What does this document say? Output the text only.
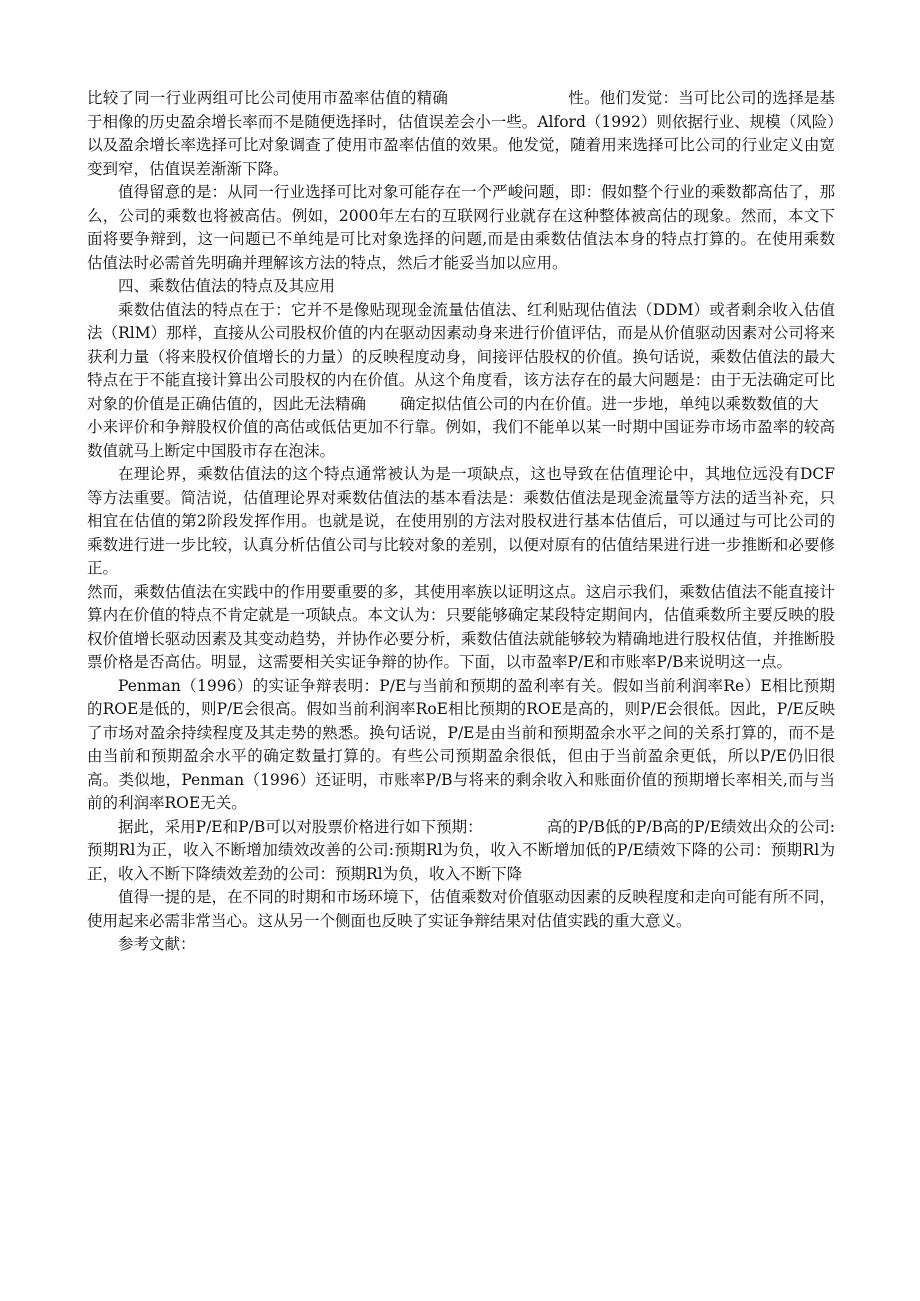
比较了同一行业两组可比公司使用市盈率估值的精确	性。他们发觉：当可比公司的选择是基于相像的历史盈余增长率而不是随便选择时，估值误差会小一些。Alford（1992）则依据行业、规模（风险）以及盈余增长率选择可比对象调查了使用市盈率估值的效果。他发觉，随着用来选择可比公司的行业定义由宽变到窄，估值误差渐渐下降。

值得留意的是：从同一行业选择可比对象可能存在一个严峻问题，即：假如整个行业的乘数都高估了，那么，公司的乘数也将被高估。例如，2000年左右的互联网行业就存在这种整体被高估的现象。然而，本文下面将要争辩到，这一问题已不单纯是可比对象选择的问题,而是由乘数估值法本身的特点打算的。在使用乘数估值法时必需首先明确并理解该方法的特点，然后才能妥当加以应用。

四、乘数估值法的特点及其应用

乘数估值法的特点在于：它并不是像贴现现金流量估值法、红利贴现估值法（DDM）或者剩余收入估值法（RlM）那样，直接从公司股权价值的内在驱动因素动身来进行价值评估，而是从价值驱动因素对公司将来获利力量（将来股权价值增长的力量）的反映程度动身，间接评估股权的价值。换句话说，乘数估值法的最大特点在于不能直接计算出公司股权的内在价值。从这个角度看，该方法存在的最大问题是：由于无法确定可比对象的价值是正确估值的，因此无法精确 确定拟估值公司的内在价值。进一步地，单纯以乘数数值的大

小来评价和争辩股权价值的高估或低估更加不行靠。例如，我们不能单以某一时期中国证券市场市盈率的较高数值就马上断定中国股市存在泡沫。

在理论界，乘数估值法的这个特点通常被认为是一项缺点，这也导致在估值理论中，其地位远没有DCF等方法重要。简洁说，估值理论界对乘数估值法的基本看法是：乘数估值法是现金流量等方法的适当补充，只相宜在估值的第2阶段发挥作用。也就是说，在使用别的方法对股权进行基本估值后，可以通过与可比公司的乘数进行进一步比较，认真分析估值公司与比较对象的差别，以便对原有的估值结果进行进一步推断和必要修正。

然而，乘数估值法在实践中的作用要重要的多，其使用率族以证明这点。这启示我们，乘数估值法不能直接计算内在价值的特点不肯定就是一项缺点。本文认为：只要能够确定某段特定期间内，估值乘数所主要反映的股权价值增长驱动因素及其变动趋势，并协作必要分析，乘数估值法就能够较为精确地进行股权估值，并推断股票价格是否高估。明显，这需要相关实证争辩的协作。下面，以市盈率P/E和市账率P/B来说明这一点。

Penman（1996）的实证争辩表明：P/E与当前和预期的盈利率有关。假如当前利润率Re）E相比预期的ROE是低的，则P/E会很高。假如当前利润率RoE相比预期的ROE是高的，则P/E会很低。因此，P/E反映了市场对盈余持续程度及其走势的熟悉。换句话说，P/E是由当前和预期盈余水平之间的关系打算的，而不是由当前和预期盈余水平的确定数量打算的。有些公司预期盈余很低，但由于当前盈余更低，所以P/E仍旧很高。类似地，Penman（1996）还证明，市账率P/B与将来的剩余收入和账面价值的预期增长率相关,而与当前的利润率ROE无关。

据此，采用P/E和P/B可以对股票价格进行如下预期：	高的P/B低的P/B高的P/E绩效出众的公司:预期Rl为正，收入不断增加绩效改善的公司:预期Rl为负，收入不断增加低的P/E绩效下降的公司：预期Rl为正，收入不断下降绩效差劲的公司：预期Rl为负，收入不断下降

值得一提的是，在不同的时期和市场环境下，估值乘数对价值驱动因素的反映程度和走向可能有所不同，使用起来必需非常当心。这从另一个侧面也反映了实证争辩结果对估值实践的重大意义。

参考文献：
